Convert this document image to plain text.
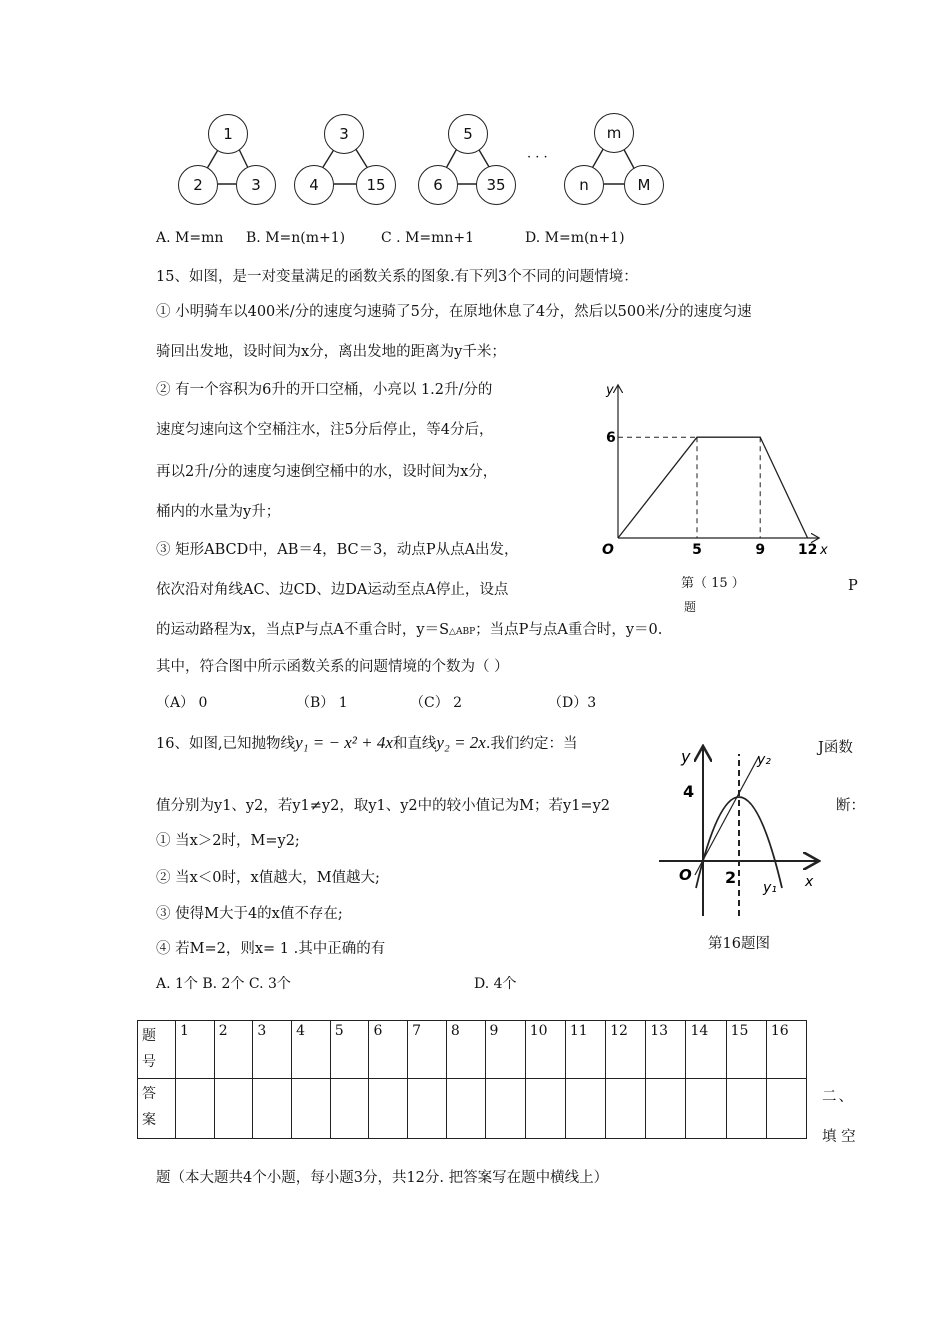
1
2	3
3
4	15
5
6	35
· · ·
m
n	M
A. M=mn B. M=n(m+1)	C . M=mn+1	D. M=m(n+1)
15、如图，是一对变量满足的函数关系的图象.有下列3个不同的问题情境：
① 小明骑车以400米/分的速度匀速骑了5分，在原地休息了4分，然后以500米/分的速度匀速
骑回出发地，设时间为x分，离出发地的距离为y千米；
② 有一个容积为6升的开口空桶，小亮以 1.2升/分的
速度匀速向这个空桶注水，注5分后停止，等4分后，
再以2升/分的速度匀速倒空桶中的水，设时间为x分，
桶内的水量为y升；
③ 矩形ABCD中，AB＝4，BC＝3，动点P从点A出发，
依次沿对角线AC、边CD、边DA运动至点A停止，设点	P
的运动路程为x，当点P与点A不重合时，y＝S△ABP；当点P与点A重合时，y＝0.
其中，符合图中所示函数关系的问题情境的个数为（ ）
（A） 0	（B） 1	（C） 2	（D）3
y
6
O	5	9 12 x
第（ 15 ）
题
16、如图,已知抛物线y₁ = − x² + 4x和直线y₂ = 2x.我们约定：当	J函数
值分别为y1、y2，若y1≠y2，取y1、y2中的较小值记为M；若y1=y2	断：
① 当x＞2时，M=y2;
② 当x＜0时，x值越大，M值越大;
③ 使得M大于4的x值不存在;
④ 若M=2，则x= 1 .其中正确的有
A. 1个 B. 2个 C. 3个	D. 4个
y	y₂
4
O 2
y₁ x
第16题图
题
号	1	2	3	4	5	6	7	8	9	10	11	12	13	14	15	16
答
案																
二、
填 空
题（本大题共4个小题，每小题3分，共12分. 把答案写在题中横线上）
